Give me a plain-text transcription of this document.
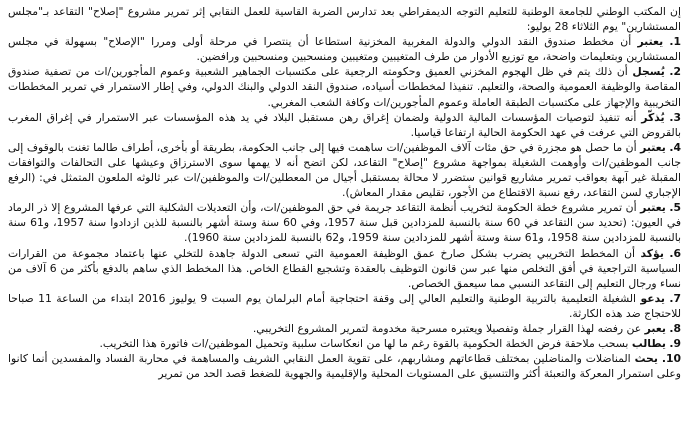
إن المكتب الوطني للجامعة الوطنية للتعليم التوجه الديمقراطي بعد تدارس الضربة القاسية للعمل النقابي إثر تمرير مشروع "إصلاح" التقاعد بـ"مجلس المستشارين" يوم الثلاثاء 28 يوليو:

1. يعتبر أن مخطط صندوق النقد الدولي والدولة المغربية المخزنية استطاعا أن ينتصرا في مرحلة أولى ومررا "الإصلاح" بسهولة في مجلس المستشارين وبتعليمات واضحة، مع توزيع الأدوار من طرف المتغيبين ومتغيبين ومنسحبين ومنسحبين ورافضين.

2. يُسجل أن ذلك يتم في ظل الهجوم المخزني العميق وحكومته الرجعية على مكتسبات الجماهير الشعبية وعموم المأجورين/ات من تصفية صندوق المقاصة والوظيفة العمومية والصحة، والتعليم. تنفيذا لمخططات أسياده، صندوق النقد الدولي والبنك الدولي، وفي إطار الاستمرار في تمرير المخططات التخريبية والإجهاز على مكتسبات الطبقة العاملة وعموم المأجورين/ات وكافة الشعب المغربي.

3. يُذكّر أنه تنفيذ لتوصيات المؤسسات المالية الدولية ولضمان إغراق رهن مستقبل البلاد في يد هذه المؤسسات عبر الاستمرار في إغراق المغرب بالقروض التي عرفت في عهد الحكومة الحالية ارتفاعا قياسيا.

4. يعتبر أن ما حصل هو مجزرة في حق مئات آلاف الموظفين/ات ساهمت فيها إلى جانب الحكومة، بطريقة أو بأخرى، أطراف طالما تغنت بالوقوف إلى جانب الموظفين/ات وأوهمت الشغيلة بمواجهة مشروع "إصلاح" التقاعد، لكن اتضح أنه لا يهمها سوى الاسترزاق وعيشها على التحالفات والتوافقات المقبلة غير آبهة بعواقب تمرير مشاريع قوانين ستضرر لا محالة بمستقبل أجيال من المعطلين/ات والموظفين/ات عبر ثالوثه الملعون المتمثل في: (الرفع الإجباري لسن التقاعد، رفع نسبة الاقتطاع من الأجور، تقليص مقدار المعاش).

5. يعتبر أن تمرير مشروع خطة الحكومة لتخريب أنظمة التقاعد جريمة في حق الموظفين/ات، وأن التعديلات الشكلية التي عرفها المشروع إلا ذر الرماد في العيون: (تحديد سن التقاعد في 60 سنة بالنسبة للمزدادين قبل سنة 1957، وفي 60 سنة وستة أشهر بالنسبة للذين ازدادوا سنة 1957، و61 سنة بالنسبة للمزدادين سنة 1958، و61 سنة وستة أشهر للمزدادين سنة 1959، و62 بالنسبة للمزدادين سنة 1960).

6. يؤكد أن المخطط التخريبي يضرب بشكل صارخ عمق الوظيفة العمومية التي تسعى الدولة جاهدة للتخلي عنها باعتماد مجموعة من القرارات السياسية التراجعية في أفق التخلص منها عبر سن قانون التوظيف بالعقدة وتشجيع القطاع الخاص. هذا المخطط الذي ساهم بالدفع بأكثر من 6 آلاف من نساء ورجال التعليم إلى التقاعد النسبي مما سيعمق الخصاص.

7. يدعو الشغيلة التعليمية بالتربية الوطنية والتعليم العالي إلى وقفة احتجاجية أمام البرلمان يوم السبت 9 يوليوز 2016 ابتداء من الساعة 11 صباحا للاحتجاج ضد هذه الكارثة.

8. يعبر عن رفضه لهذا القرار جملة وتفصيلا ويعتبره مسرحية مخدومة لتمرير المشروع التخريبي.

9. يطالب بسحب ملاحقة فرض الخطة الحكومية بالقوة رغم ما لها من انعكاسات سلبية وتحميل الموظفين/ات فاتورة هذا التخريب.

10. يحث المناضلات والمناضلين بمختلف قطاعاتهم ومشاربهم، على تقوية العمل النقابي الشريف والمساهمة في محاربة الفساد والمفسدين أنما كانوا وعلى استمرار المعركة والتعبئة أكثر والتنسيق على المستويات المحلية والإقليمية والجهوية للضغط قصد الحد من تمرير
